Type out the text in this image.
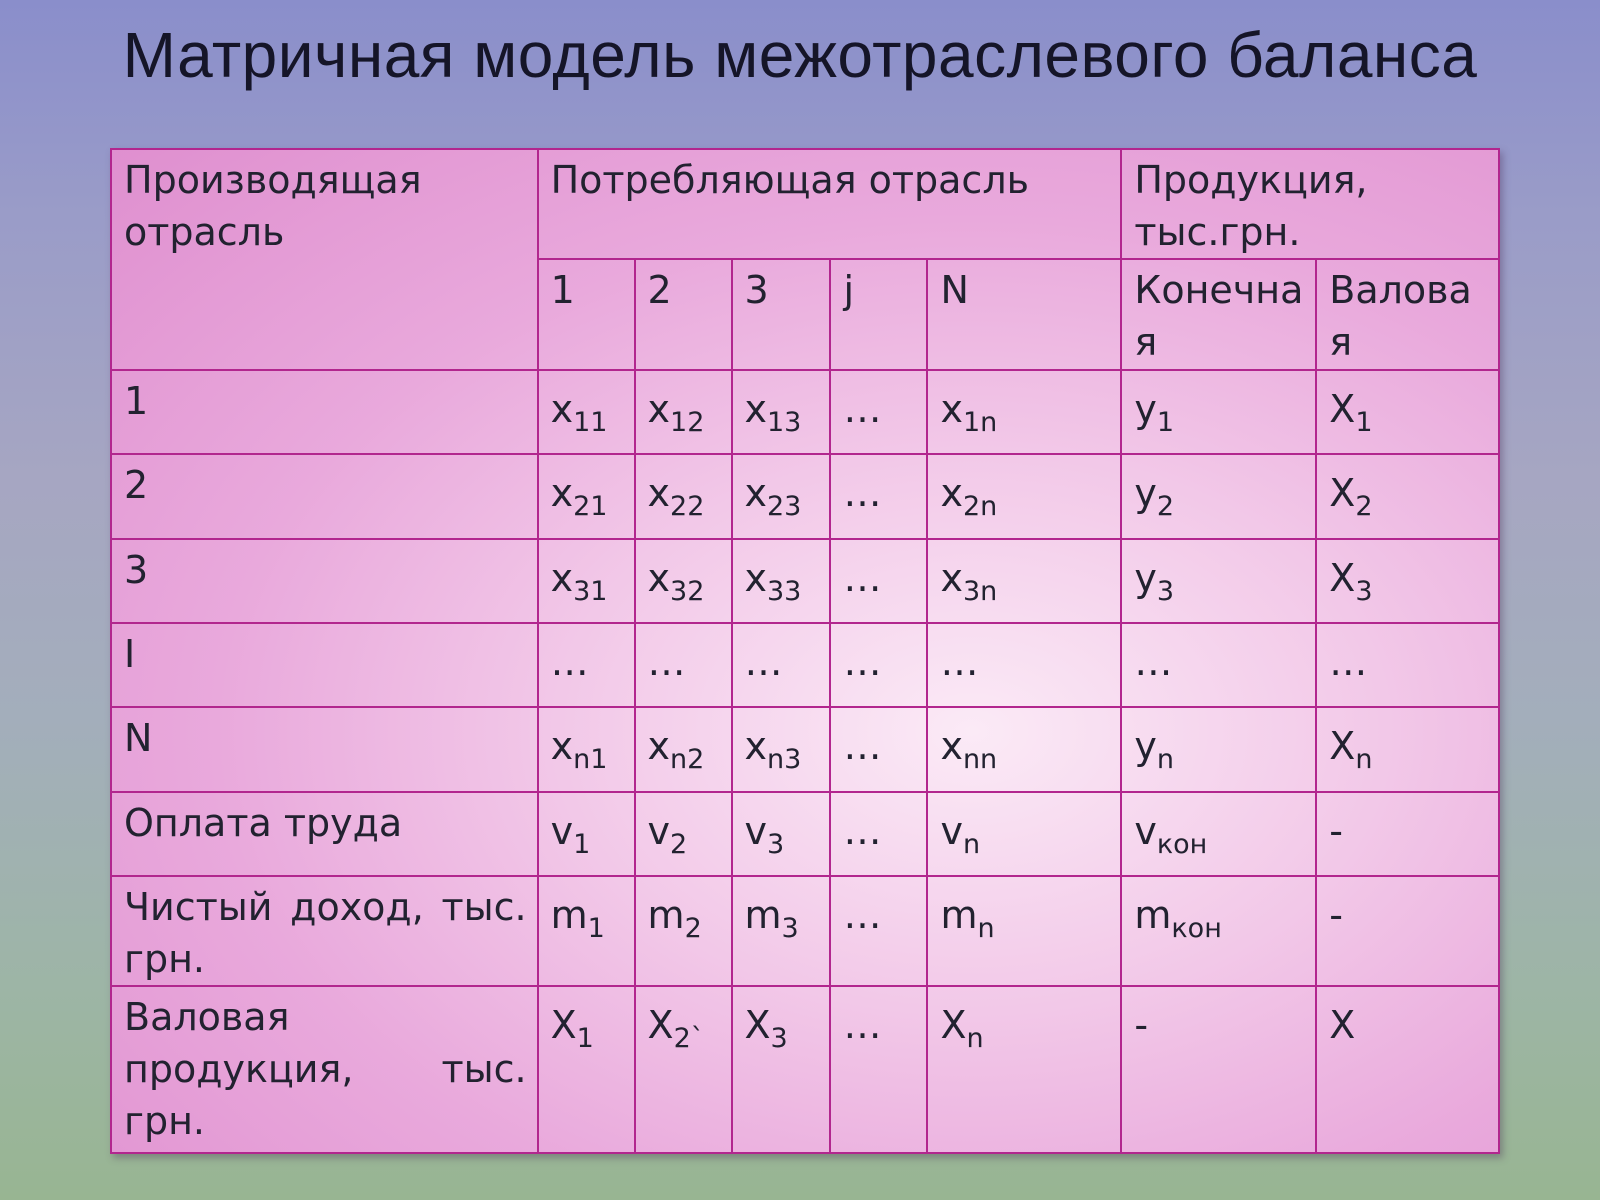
Матричная модель межотраслевого баланса
Производящая отрасль	Потребляющая отрасль					Продукция, тыс.грн.	
	1	2	3	j	N	Конечная	Валовая
1	$x_{11}$	$x_{12}$	$x_{13}$	…	$x_{1n}$	$y_1$	$X_1$
2	$x_{21}$	$x_{22}$	$x_{23}$	…	$x_{2n}$	$y_2$	$X_2$
3	$x_{31}$	$x_{32}$	$x_{33}$	…	$x_{3n}$	$y_3$	$X_3$
I	…	…	…	…	…	…	…
N	$x_{n1}$	$x_{n2}$	$x_{n3}$	…	$x_{nn}$	$y_n$	$X_n$
Оплата труда	$v_1$	$v_2$	$v_3$	…	$v_n$	$v_{кон}$	-
Чистый доход, тыс. грн.	$m_1$	$m_2$	$m_3$	…	$m_n$	$m_{кон}$	-
Валовая продукция, тыс. грн.	$X_1$	$X_{2`}$	$X_3$	…	$X_n$	-	X
